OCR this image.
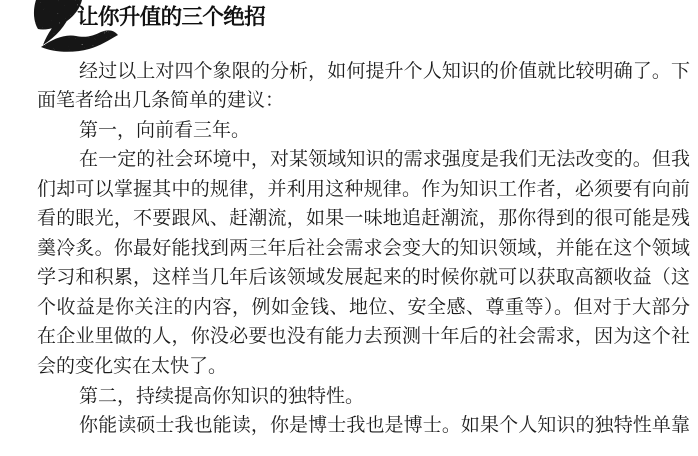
让你升值的三个绝招
经过以上对四个象限的分析，如何提升个人知识的价值就比较明确了。下
面笔者给出几条简单的建议：
第一，向前看三年。
在一定的社会环境中，对某领域知识的需求强度是我们无法改变的。但我
们却可以掌握其中的规律，并利用这种规律。作为知识工作者，必须要有向前
看的眼光，不要跟风、赶潮流，如果一味地追赶潮流，那你得到的很可能是残
羹冷炙。你最好能找到两三年后社会需求会变大的知识领域，并能在这个领域
学习和积累，这样当几年后该领域发展起来的时候你就可以获取高额收益（这
个收益是你关注的内容，例如金钱、地位、安全感、尊重等）。但对于大部分
在企业里做的人，你没必要也没有能力去预测十年后的社会需求，因为这个社
会的变化实在太快了。
第二，持续提高你知识的独特性。
你能读硕士我也能读，你是博士我也是博士。如果个人知识的独特性单靠
